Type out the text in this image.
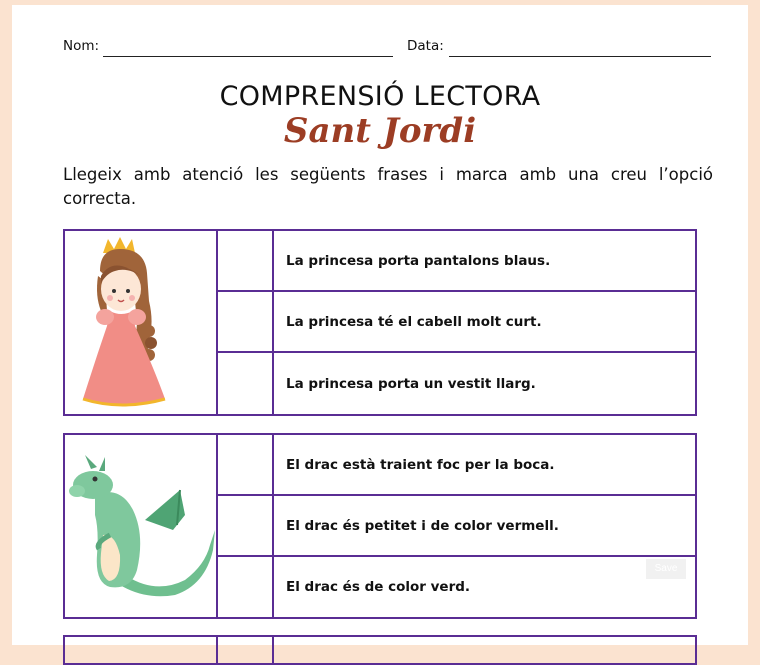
Nom:	Data:
COMPRENSIÓ LECTORA
Sant Jordi
Llegeix amb atenció les següents frases i marca amb una creu l’opció correcta.
La princesa porta pantalons blaus.
La princesa té el cabell molt curt.
La princesa porta un vestit llarg.
El drac està traient foc per la boca.
El drac és petitet i de color vermell.
El drac és de color verd.
Save
